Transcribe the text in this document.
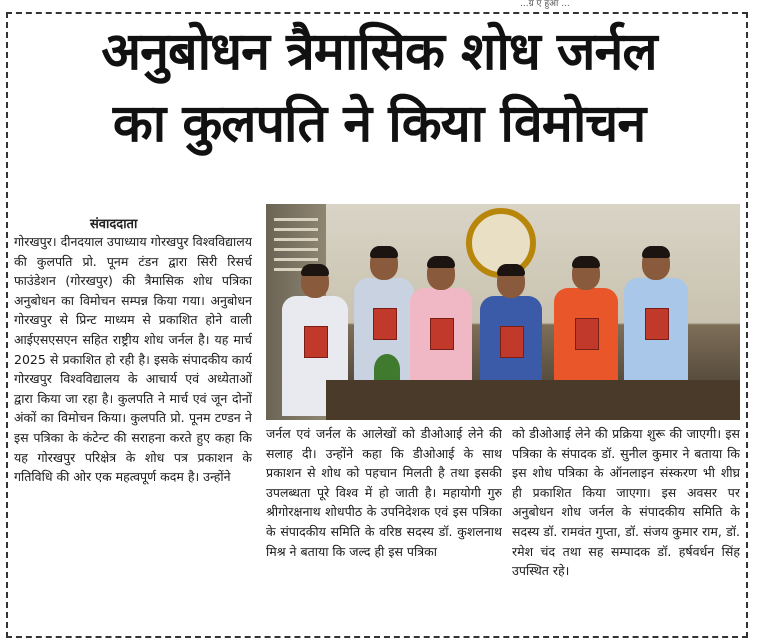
...ग्र ए हुआ ...
अनुबोधन त्रैमासिक शोध जर्नल
का कुलपति ने किया विमोचन
संवाददाता

गोरखपुर। दीनदयाल उपाध्याय गोरखपुर विश्वविद्यालय की कुलपति प्रो. पूनम टंडन द्वारा सिरी रिसर्च फाउंडेशन (गोरखपुर) की त्रैमासिक शोध पत्रिका अनुबोधन का विमोचन सम्पन्न किया गया। अनुबोधन गोरखपुर से प्रिन्ट माध्यम से प्रकाशित होने वाली आईएसएसएन सहित राष्ट्रीय शोध जर्नल है। यह मार्च 2025 से प्रकाशित हो रही है। इसके संपादकीय कार्य गोरखपुर विश्वविद्यालय के आचार्य एवं अध्येताओं द्वारा किया जा रहा है। कुलपति ने मार्च एवं जून दोनों अंकों का विमोचन किया। कुलपति प्रो. पूनम टण्डन ने इस पत्रिका के कंटेन्ट की सराहना करते हुए कहा कि यह गोरखपुर परिक्षेत्र के शोध पत्र प्रकाशन के गतिविधि की ओर एक महत्वपूर्ण कदम है। उन्होंने

जर्नल एवं जर्नल के आलेखों को डीओआई लेने की सलाह दी। उन्होंने कहा कि डीओआई के साथ प्रकाशन से शोध को पहचान मिलती है तथा इसकी उपलब्धता पूरे विश्व में हो जाती है। महायोगी गुरु श्रीगोरक्षनाथ शोधपीठ के उपनिदेशक एवं इस पत्रिका के संपादकीय समिति के वरिष्ठ सदस्य डॉ. कुशलनाथ मिश्र ने बताया कि जल्द ही इस पत्रिका

को डीओआई लेने की प्रक्रिया शुरू की जाएगी। इस पत्रिका के संपादक डॉ. सुनील कुमार ने बताया कि इस शोध पत्रिका के ऑनलाइन संस्करण भी शीघ्र ही प्रकाशित किया जाएगा। इस अवसर पर अनुबोधन शोध जर्नल के संपादकीय समिति के सदस्य डॉ. रामवंत गुप्ता, डॉ. संजय कुमार राम, डॉ. रमेश चंद तथा सह सम्पादक डॉ. हर्षवर्धन सिंह उपस्थित रहे।
